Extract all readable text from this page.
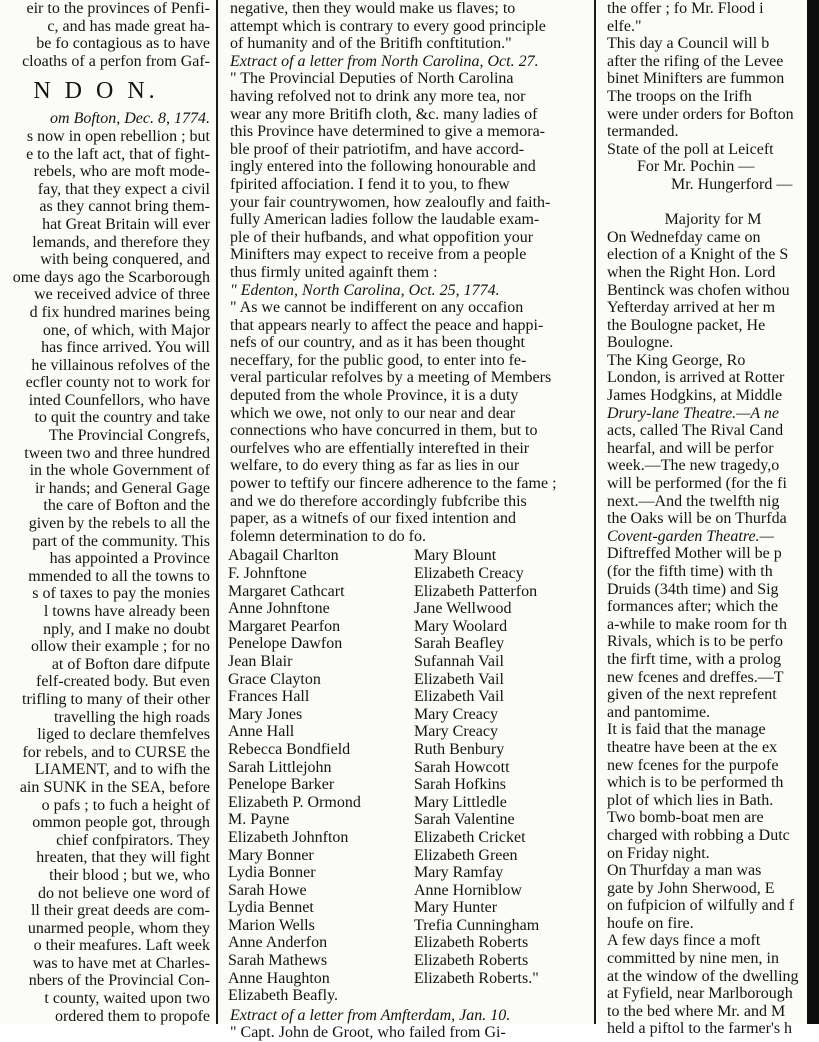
eir to the provinces of Penfi-
c, and has made great ha-
be fo contagious as to have
cloaths of a perfon from Gaf-
N D O N.
om Bofton, Dec. 8, 1774.
s now in open rebellion ; but
e to the laft act, that of fight-
rebels, who are moft mode-
fay, that they expect a civil
as they cannot bring them-
hat Great Britain will ever
lemands, and therefore they
with being conquered, and
ome days ago the Scarborough
we received advice of three
d fix hundred marines being
one, of which, with Major
has fince arrived. You will
he villainous refolves of the
ecfler county not to work for
inted Counfellors, who have
to quit the country and take
The Provincial Congrefs,
tween two and three hundred
in the whole Government of
ir hands; and General Gage
the care of Bofton and the
given by the rebels to all the
part of the community. This
has appointed a Province
mmended to all the towns to
s of taxes to pay the monies
l towns have already been
nply, and I make no doubt
ollow their example ; for no
at of Bofton dare difpute
felf-created body. But even
trifling to many of their other
travelling the high roads
liged to declare themfelves
for rebels, and to CURSE the
LIAMENT, and to wifh the
ain SUNK in the SEA, before
o pafs ; to fuch a height of
ommon people got, through
chief confpirators. They
hreaten, that they will fight
their blood ; but we, who
do not believe one word of
ll their great deeds are com-
unarmed people, whom they
o their meafures. Laft week
was to have met at Charles-
nbers of the Provincial Con-
t county, waited upon two
ordered them to propofe
negative, then they would make us flaves; to
attempt which is contrary to every good principle
of humanity and of the Britifh conftitution."
Extract of a letter from North Carolina, Oct. 27.
" The Provincial Deputies of North Carolina
having refolved not to drink any more tea, nor
wear any more Britifh cloth, &c. many ladies of
this Province have determined to give a memora-
ble proof of their patriotifm, and have accord-
ingly entered into the following honourable and
fpirited affociation. I fend it to you, to fhew
your fair countrywomen, how zealoufly and faith-
fully American ladies follow the laudable exam-
ple of their hufbands, and what oppofition your
Minifters may expect to receive from a people
thus firmly united againft them :
" Edenton, North Carolina, Oct. 25, 1774.
" As we cannot be indifferent on any occafion
that appears nearly to affect the peace and happi-
nefs of our country, and as it has been thought
neceffary, for the public good, to enter into fe-
veral particular refolves by a meeting of Members
deputed from the whole Province, it is a duty
which we owe, not only to our near and dear
connections who have concurred in them, but to
ourfelves who are effentially interefted in their
welfare, to do every thing as far as lies in our
power to teftify our fincere adherence to the fame ;
and we do therefore accordingly fubfcribe this
paper, as a witnefs of our fixed intention and
folemn determination to do fo.
Abagail Charlton	Mary Blount
F. Johnftone	Elizabeth Creacy
Margaret Cathcart	Elizabeth Patterfon
Anne Johnftone	Jane Wellwood
Margaret Pearfon	Mary Woolard
Penelope Dawfon	Sarah Beafley
Jean Blair	Sufannah Vail
Grace Clayton	Elizabeth Vail
Frances Hall	Elizabeth Vail
Mary Jones	Mary Creacy
Anne Hall	Mary Creacy
Rebecca Bondfield	Ruth Benbury
Sarah Littlejohn	Sarah Howcott
Penelope Barker	Sarah Hofkins
Elizabeth P. Ormond	Mary Littledle
M. Payne	Sarah Valentine
Elizabeth Johnfton	Elizabeth Cricket
Mary Bonner	Elizabeth Green
Lydia Bonner	Mary Ramfay
Sarah Howe	Anne Horniblow
Lydia Bennet	Mary Hunter
Marion Wells	Trefia Cunningham
Anne Anderfon	Elizabeth Roberts
Sarah Mathews	Elizabeth Roberts
Anne Haughton	Elizabeth Roberts."
Elizabeth Beafly.
Extract of a letter from Amfterdam, Jan. 10.
" Capt. John de Groot, who failed from Gi-
the offer ; fo Mr. Flood i
elfe."
This day a Council will b
after the rifing of the Levee
binet Minifters are fummon
The troops on the Irifh
were under orders for Bofton
termanded.
State of the poll at Leiceft
For Mr. Pochin —
Mr. Hungerford —
Majority for M
On Wednefday came on
election of a Knight of the S
when the Right Hon. Lord
Bentinck was chofen withou
Yefterday arrived at her m
the Boulogne packet, He
Boulogne.
The King George, Ro
London, is arrived at Rotter
James Hodgkins, at Middle
Drury-lane Theatre.—A ne
acts, called The Rival Cand
hearfal, and will be perfor
week.—The new tragedy,o
will be performed (for the fi
next.—And the twelfth nig
the Oaks will be on Thurfda
Covent-garden Theatre.—
Diftreffed Mother will be p
(for the fifth time) with th
Druids (34th time) and Sig
formances after; which the
a-while to make room for th
Rivals, which is to be perfo
the firft time, with a prolog
new fcenes and dreffes.—T
given of the next reprefent
and pantomime.
It is faid that the manage
theatre have been at the ex
new fcenes for the purpofe
which is to be performed th
plot of which lies in Bath.
Two bomb-boat men are
charged with robbing a Dutc
on Friday night.
On Thurfday a man was
gate by John Sherwood, E
on fufpicion of wilfully and f
houfe on fire.
A few days fince a moft
committed by nine men, in
at the window of the dwelling
at Fyfield, near Marlborough
to the bed where Mr. and M
held a piftol to the farmer's h
